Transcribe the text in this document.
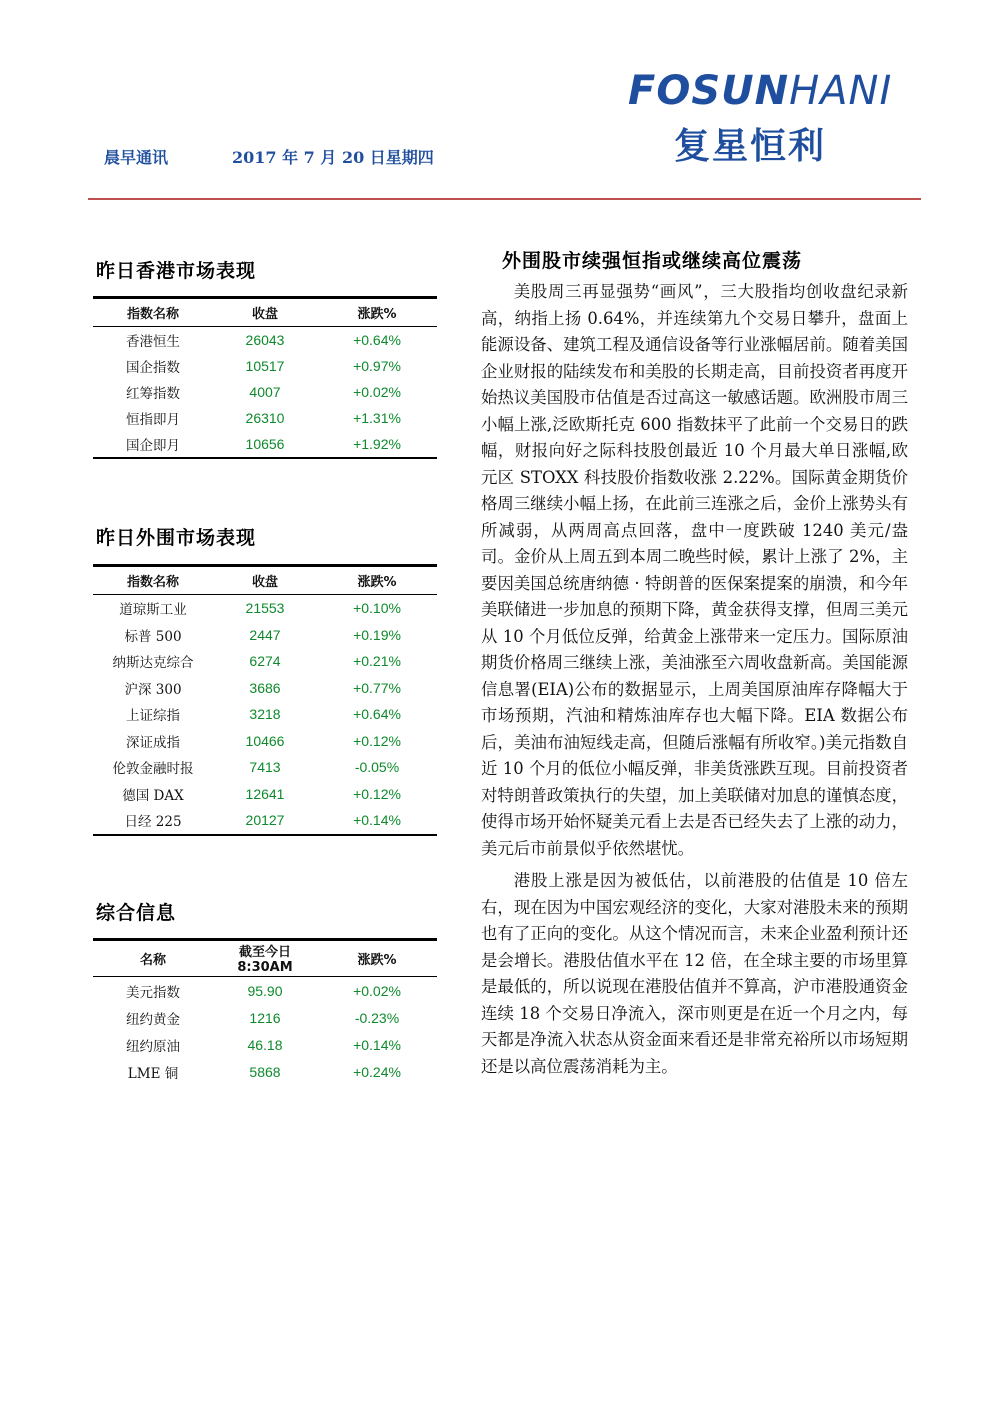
FOSUNHANI
复星恒利
晨早通讯	2017 年 7 月 20 日星期四
昨日香港市场表现
指数名称	收盘	涨跌%
香港恒生	26043	+0.64%
国企指数	10517	+0.97%
红筹指数	4007	+0.02%
恒指即月	26310	+1.31%
国企即月	10656	+1.92%
昨日外围市场表现
指数名称	收盘	涨跌%
道琼斯工业	21553	+0.10%
标普 500	2447	+0.19%
纳斯达克综合	6274	+0.21%
沪深 300	3686	+0.77%
上证综指	3218	+0.64%
深证成指	10466	+0.12%
伦敦金融时报	7413	-0.05%
德国 DAX	12641	+0.12%
日经 225	20127	+0.14%
综合信息
名称	截至今日 8:30AM	涨跌%
美元指数	95.90	+0.02%
纽约黄金	1216	-0.23%
纽约原油	46.18	+0.14%
LME 铜	5868	+0.24%
外围股市续强恒指或继续高位震荡

美股周三再显强势“画风”，三大股指均创收盘纪录新高，纳指上扬 0.64%，并连续第九个交易日攀升，盘面上能源设备、建筑工程及通信设备等行业涨幅居前。随着美国企业财报的陆续发布和美股的长期走高，目前投资者再度开始热议美国股市估值是否过高这一敏感话题。欧洲股市周三小幅上涨,泛欧斯托克 600 指数抹平了此前一个交易日的跌幅，财报向好之际科技股创最近 10 个月最大单日涨幅,欧元区 STOXX 科技股价指数收涨 2.22%。国际黄金期货价格周三继续小幅上扬，在此前三连涨之后，金价上涨势头有所减弱，从两周高点回落，盘中一度跌破 1240 美元/盎司。金价从上周五到本周二晚些时候，累计上涨了 2%，主要因美国总统唐纳德 · 特朗普的医保案提案的崩溃，和今年美联储进一步加息的预期下降，黄金获得支撑，但周三美元从 10 个月低位反弹，给黄金上涨带来一定压力。国际原油期货价格周三继续上涨，美油涨至六周收盘新高。美国能源信息署(EIA)公布的数据显示，上周美国原油库存降幅大于市场预期，汽油和精炼油库存也大幅下降。EIA 数据公布后，美油布油短线走高，但随后涨幅有所收窄。)美元指数自近 10 个月的低位小幅反弹，非美货涨跌互现。目前投资者对特朗普政策执行的失望，加上美联储对加息的谨慎态度，使得市场开始怀疑美元看上去是否已经失去了上涨的动力，美元后市前景似乎依然堪忧。

港股上涨是因为被低估，以前港股的估值是 10 倍左右，现在因为中国宏观经济的变化，大家对港股未来的预期也有了正向的变化。从这个情况而言，未来企业盈利预计还是会增长。港股估值水平在 12 倍，在全球主要的市场里算是最低的，所以说现在港股估值并不算高，沪市港股通资金连续 18 个交易日净流入，深市则更是在近一个月之内，每天都是净流入状态从资金面来看还是非常充裕所以市场短期还是以高位震荡消耗为主。
